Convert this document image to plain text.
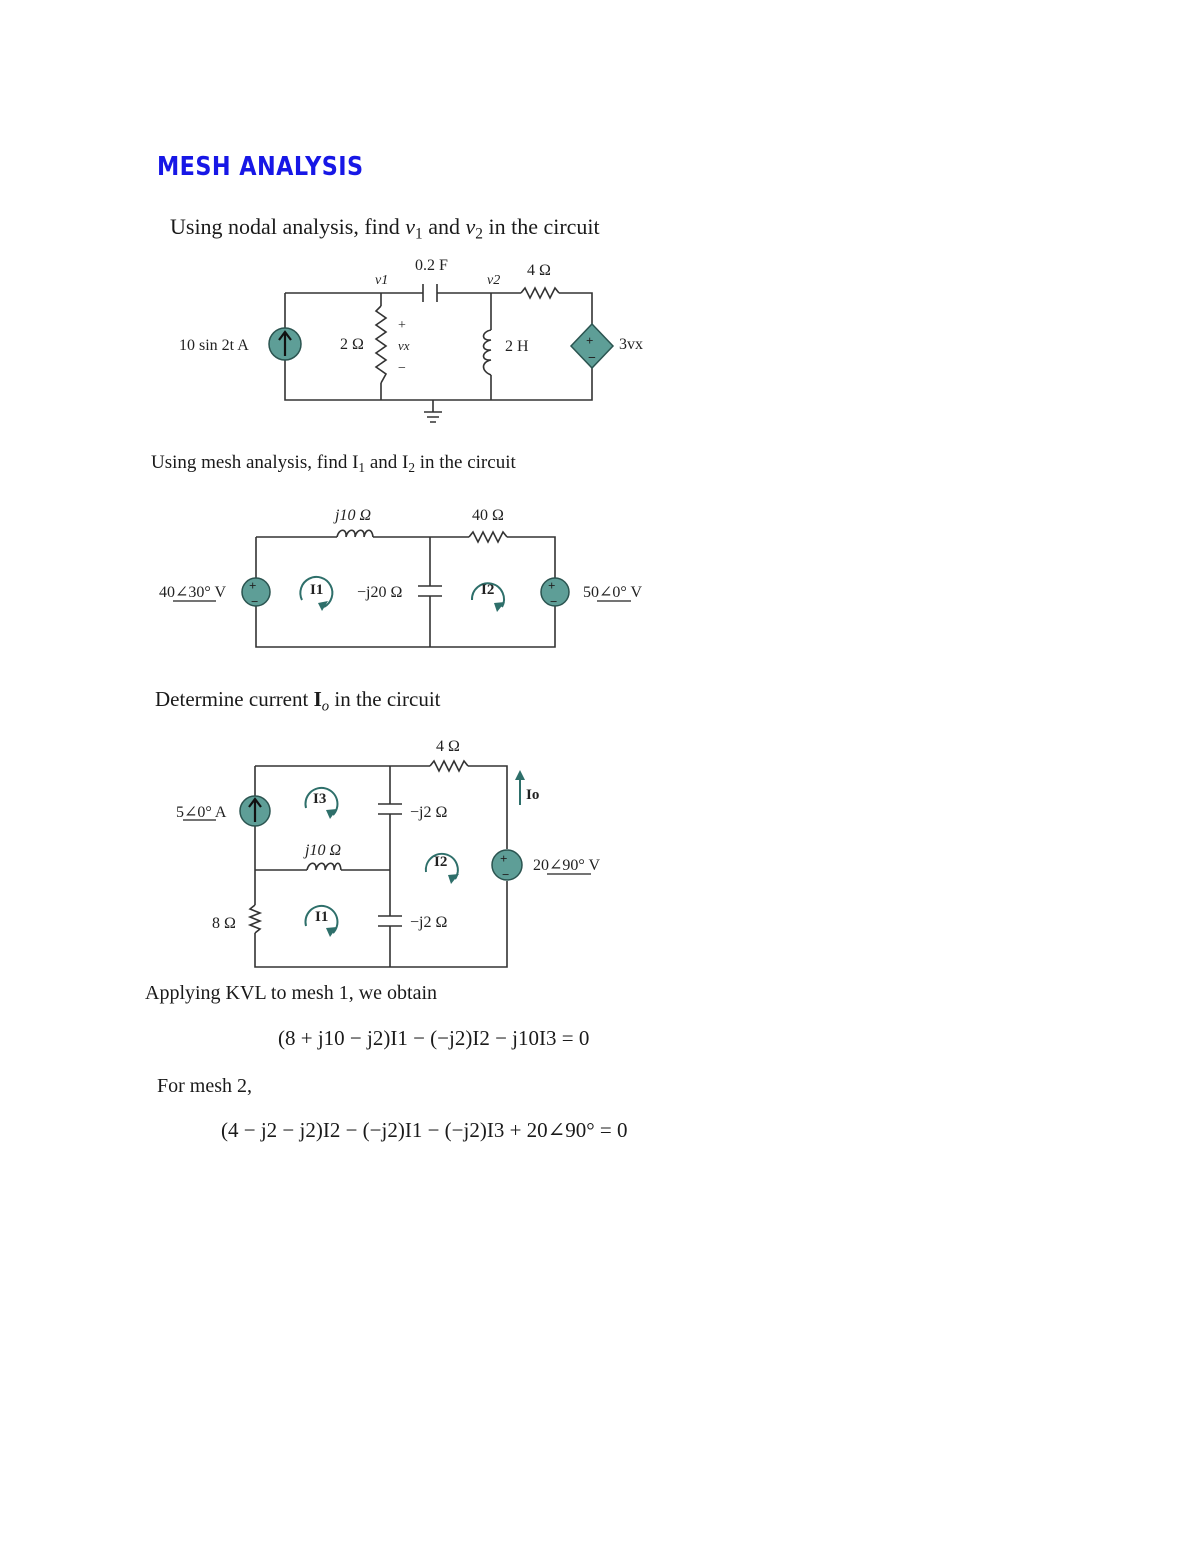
MESH ANALYSIS
Using nodal analysis, find $v_1$ and $v_2$ in the circuit
+
−
10 sin 2t A
0.2 F	4 Ω
2 Ω	2 H
v1	v2
+
vx
−
3vx
Using mesh analysis, find $I_1$ and $I_2$ in the circuit
+
−
+
−
I1	I2
j10 Ω	40 Ω
−j20 Ω
40∠30° V	50∠0° V
Determine current $I_o$ in the circuit
+
−
I3
I2
I1
4 Ω
5∠0° A	−j2 Ω
−j2 Ω
j10 Ω
8 Ω
20∠90° V
Io
Applying KVL to mesh 1, we obtain
(8 + j10 − j2)I1 − (−j2)I2 − j10I3 = 0
For mesh 2,
(4 − j2 − j2)I2 − (−j2)I1 − (−j2)I3 + 20∠90° = 0
